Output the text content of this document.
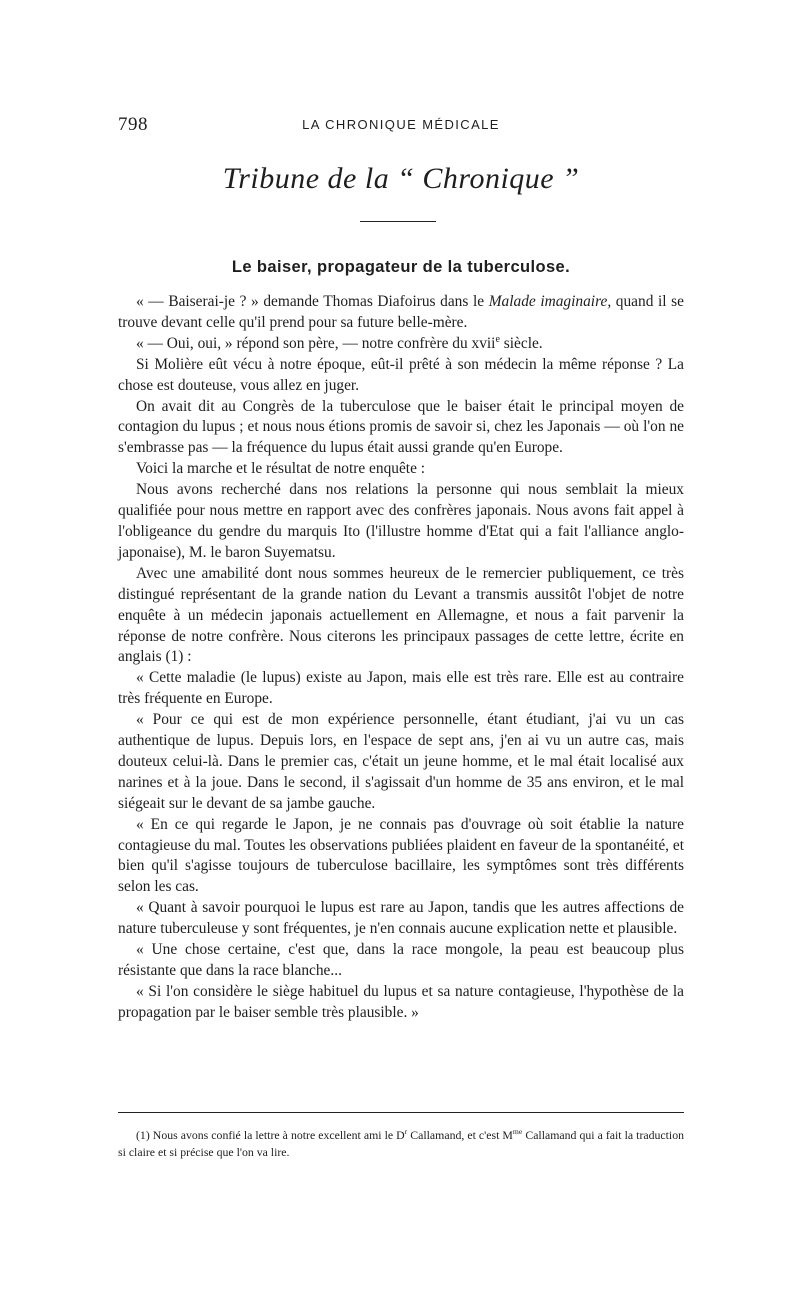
798	LA CHRONIQUE MÉDICALE
Tribune de la “ Chronique ”
Le baiser, propagateur de la tuberculose.

« — Baiserai-je ? » demande Thomas Diafoirus dans le Malade imaginaire, quand il se trouve devant celle qu'il prend pour sa future belle-mère.

« — Oui, oui, » répond son père, — notre confrère du xvii$^e$ siècle.

Si Molière eût vécu à notre époque, eût-il prêté à son médecin la même réponse ? La chose est douteuse, vous allez en juger.

On avait dit au Congrès de la tuberculose que le baiser était le principal moyen de contagion du lupus ; et nous nous étions promis de savoir si, chez les Japonais — où l'on ne s'embrasse pas — la fréquence du lupus était aussi grande qu'en Europe.

Voici la marche et le résultat de notre enquête :

Nous avons recherché dans nos relations la personne qui nous semblait la mieux qualifiée pour nous mettre en rapport avec des confrères japonais. Nous avons fait appel à l'obligeance du gendre du marquis Ito (l'illustre homme d'Etat qui a fait l'alliance anglo-japonaise), M. le baron Suyematsu.

Avec une amabilité dont nous sommes heureux de le remercier publiquement, ce très distingué représentant de la grande nation du Levant a transmis aussitôt l'objet de notre enquête à un médecin japonais actuellement en Allemagne, et nous a fait parvenir la réponse de notre confrère. Nous citerons les principaux passages de cette lettre, écrite en anglais (1) :

« Cette maladie (le lupus) existe au Japon, mais elle est très rare. Elle est au contraire très fréquente en Europe.

« Pour ce qui est de mon expérience personnelle, étant étudiant, j'ai vu un cas authentique de lupus. Depuis lors, en l'espace de sept ans, j'en ai vu un autre cas, mais douteux celui-là. Dans le premier cas, c'était un jeune homme, et le mal était localisé aux narines et à la joue. Dans le second, il s'agissait d'un homme de 35 ans environ, et le mal siégeait sur le devant de sa jambe gauche.

« En ce qui regarde le Japon, je ne connais pas d'ouvrage où soit établie la nature contagieuse du mal. Toutes les observations publiées plaident en faveur de la spontanéité, et bien qu'il s'agisse toujours de tuberculose bacillaire, les symptômes sont très différents selon les cas.

« Quant à savoir pourquoi le lupus est rare au Japon, tandis que les autres affections de nature tuberculeuse y sont fréquentes, je n'en connais aucune explication nette et plausible.

« Une chose certaine, c'est que, dans la race mongole, la peau est beaucoup plus résistante que dans la race blanche...

« Si l'on considère le siège habituel du lupus et sa nature contagieuse, l'hypothèse de la propagation par le baiser semble très plausible. »

(1) Nous avons confié la lettre à notre excellent ami le $D^r$ Callamand, et c'est $M^{me}$ Callamand qui a fait la traduction si claire et si précise que l'on va lire.
